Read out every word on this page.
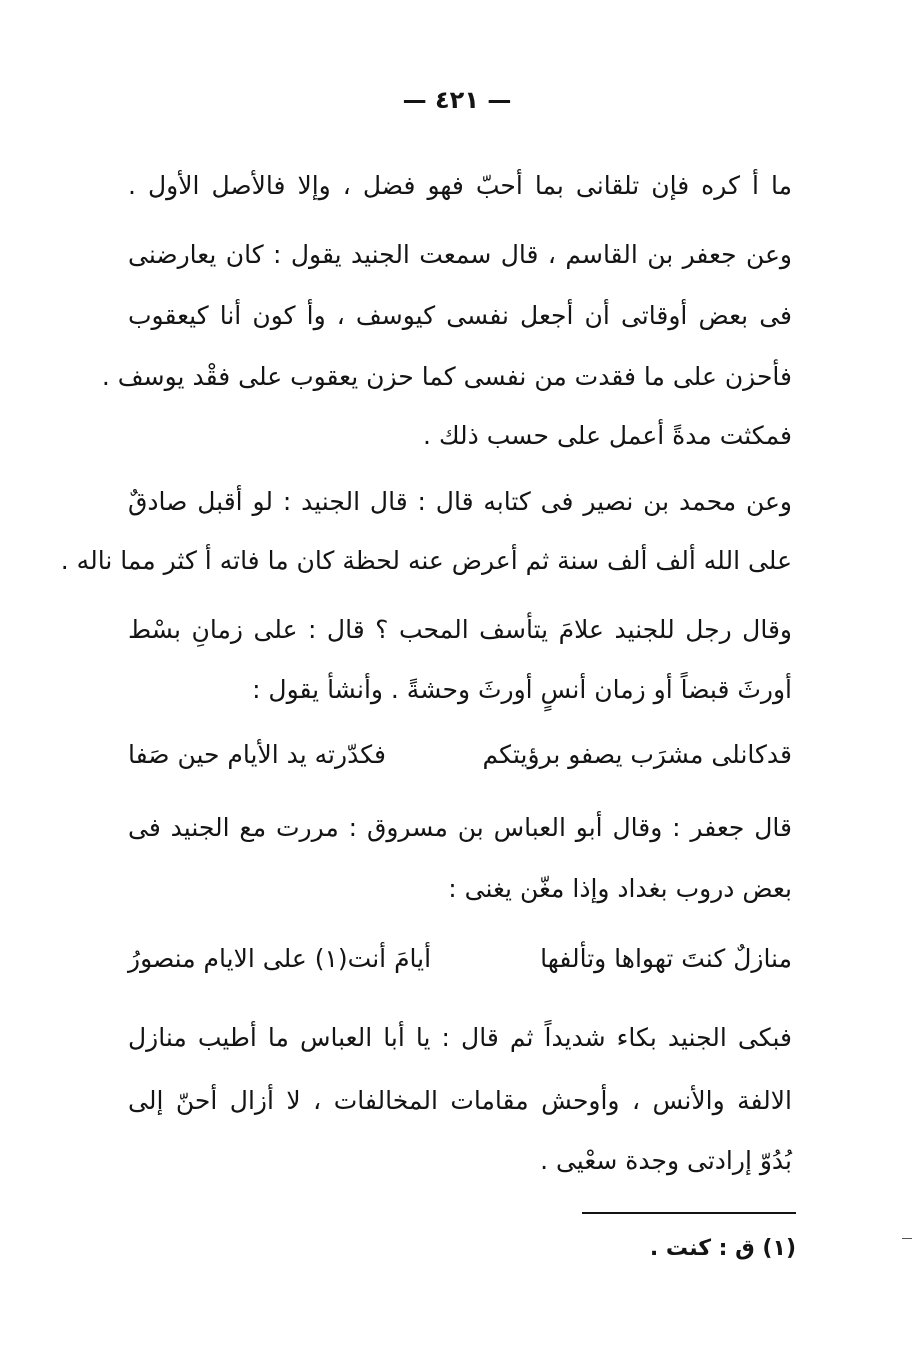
— ٤٢١ —
ما أ كره فإن تلقانى بما أحبّ فهو فضل ، وإلا فالأصل الأول .
وعن جعفر بن القاسم ، قال سمعت الجنيد يقول : كان يعارضنى
فى بعض أوقاتى أن أجعل نفسى كيوسف ، وأ كون أنا كيعقوب
فأحزن على ما فقدت من نفسى كما حزن يعقوب على فقْد يوسف .
فمكثت مدةً أعمل على حسب ذلك .
وعن محمد بن نصير فى كتابه قال : قال الجنيد : لو أقبل صادقٌ
على الله ألف ألف سنة ثم أعرض عنه لحظة كان ما فاته أ كثر مما ناله .
وقال رجل للجنيد علامَ يتأسف المحب ؟ قال : على زمانِ بسْط
أورثَ قبضاً أو زمان أنسٍ أورثَ وحشةً . وأنشأ يقول :
قدكانلى مشرَب يصفو برؤيتكم
فكدّرته يد الأيام حين صَفا
قال جعفر : وقال أبو العباس بن مسروق : مررت مع الجنيد فى
بعض دروب بغداد وإذا مغّن يغنى :
منازلٌ كنتَ تهواها وتألفها
أيامَ أنت(١) على الايام منصورُ
فبكى الجنيد بكاء شديداً ثم قال : يا أبا العباس ما أطيب منازل
الالفة والأنس ، وأوحش مقامات المخالفات ، لا أزال أحنّ إلى
بُدُوّ إرادتى وجدة سعْيى .
(١) ق : كنت .
